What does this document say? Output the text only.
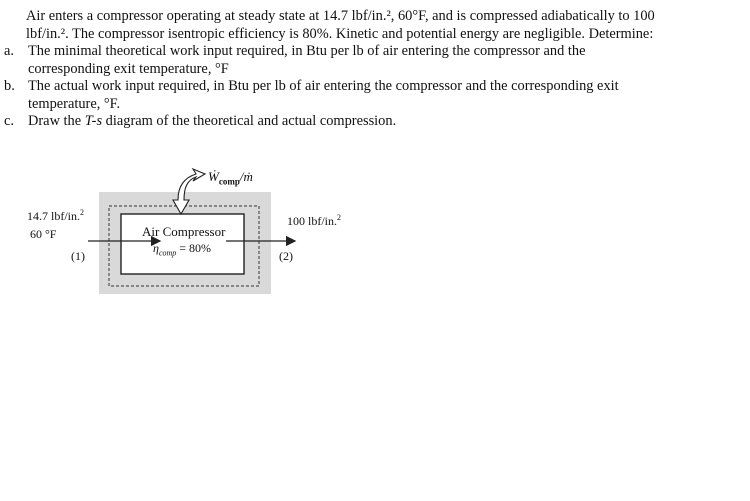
Air enters a compressor operating at steady state at 14.7 lbf/in.², 60°F, and is compressed adiabatically to 100
lbf/in.². The compressor isentropic efficiency is 80%. Kinetic and potential energy are negligible. Determine:

a. The minimal theoretical work input required, in Btu per lb of air entering the compressor and the
corresponding exit temperature, °F

b. The actual work input required, in Btu per lb of air entering the compressor and the corresponding exit
temperature, °F.

c. Draw the T-s diagram of the theoretical and actual compression.

Ẇ$_{comp}$/ṁ
14.7 lbf/in.$^2$
60 °F
(1)
100 lbf/in.$^2$
(2)
Air Compressor
$\eta_{comp} = 80\%$
